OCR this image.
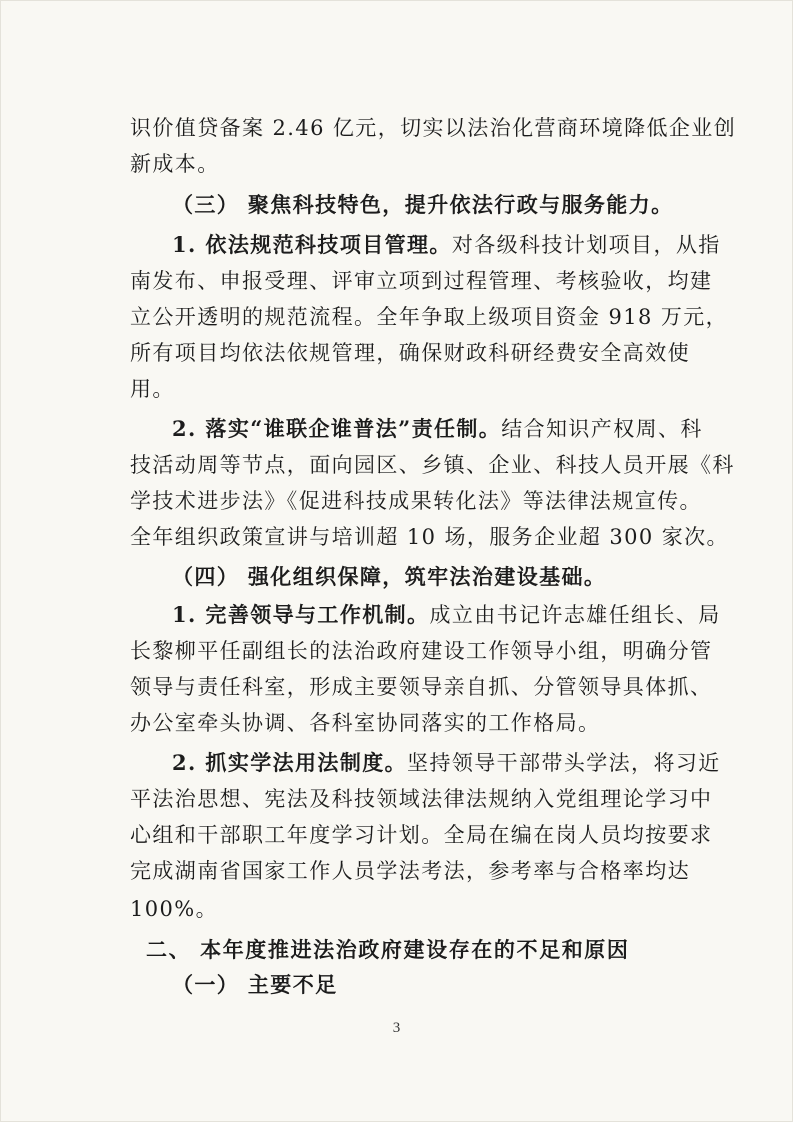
识价值贷备案 2.46 亿元，切实以法治化营商环境降低企业创
新成本。
（三） 聚焦科技特色，提升依法行政与服务能力。
1. 依法规范科技项目管理。对各级科技计划项目，从指
南发布、申报受理、评审立项到过程管理、考核验收，均建
立公开透明的规范流程。全年争取上级项目资金 918 万元，
所有项目均依法依规管理，确保财政科研经费安全高效使
用。
2. 落实“谁联企谁普法”责任制。结合知识产权周、科
技活动周等节点，面向园区、乡镇、企业、科技人员开展《科
学技术进步法》《促进科技成果转化法》等法律法规宣传。
全年组织政策宣讲与培训超 10 场，服务企业超 300 家次。
（四） 强化组织保障，筑牢法治建设基础。
1. 完善领导与工作机制。成立由书记许志雄任组长、局
长黎柳平任副组长的法治政府建设工作领导小组，明确分管
领导与责任科室，形成主要领导亲自抓、分管领导具体抓、
办公室牵头协调、各科室协同落实的工作格局。
2. 抓实学法用法制度。坚持领导干部带头学法，将习近
平法治思想、宪法及科技领域法律法规纳入党组理论学习中
心组和干部职工年度学习计划。全局在编在岗人员均按要求
完成湖南省国家工作人员学法考法，参考率与合格率均达
100%。
二、 本年度推进法治政府建设存在的不足和原因
（一） 主要不足
3
